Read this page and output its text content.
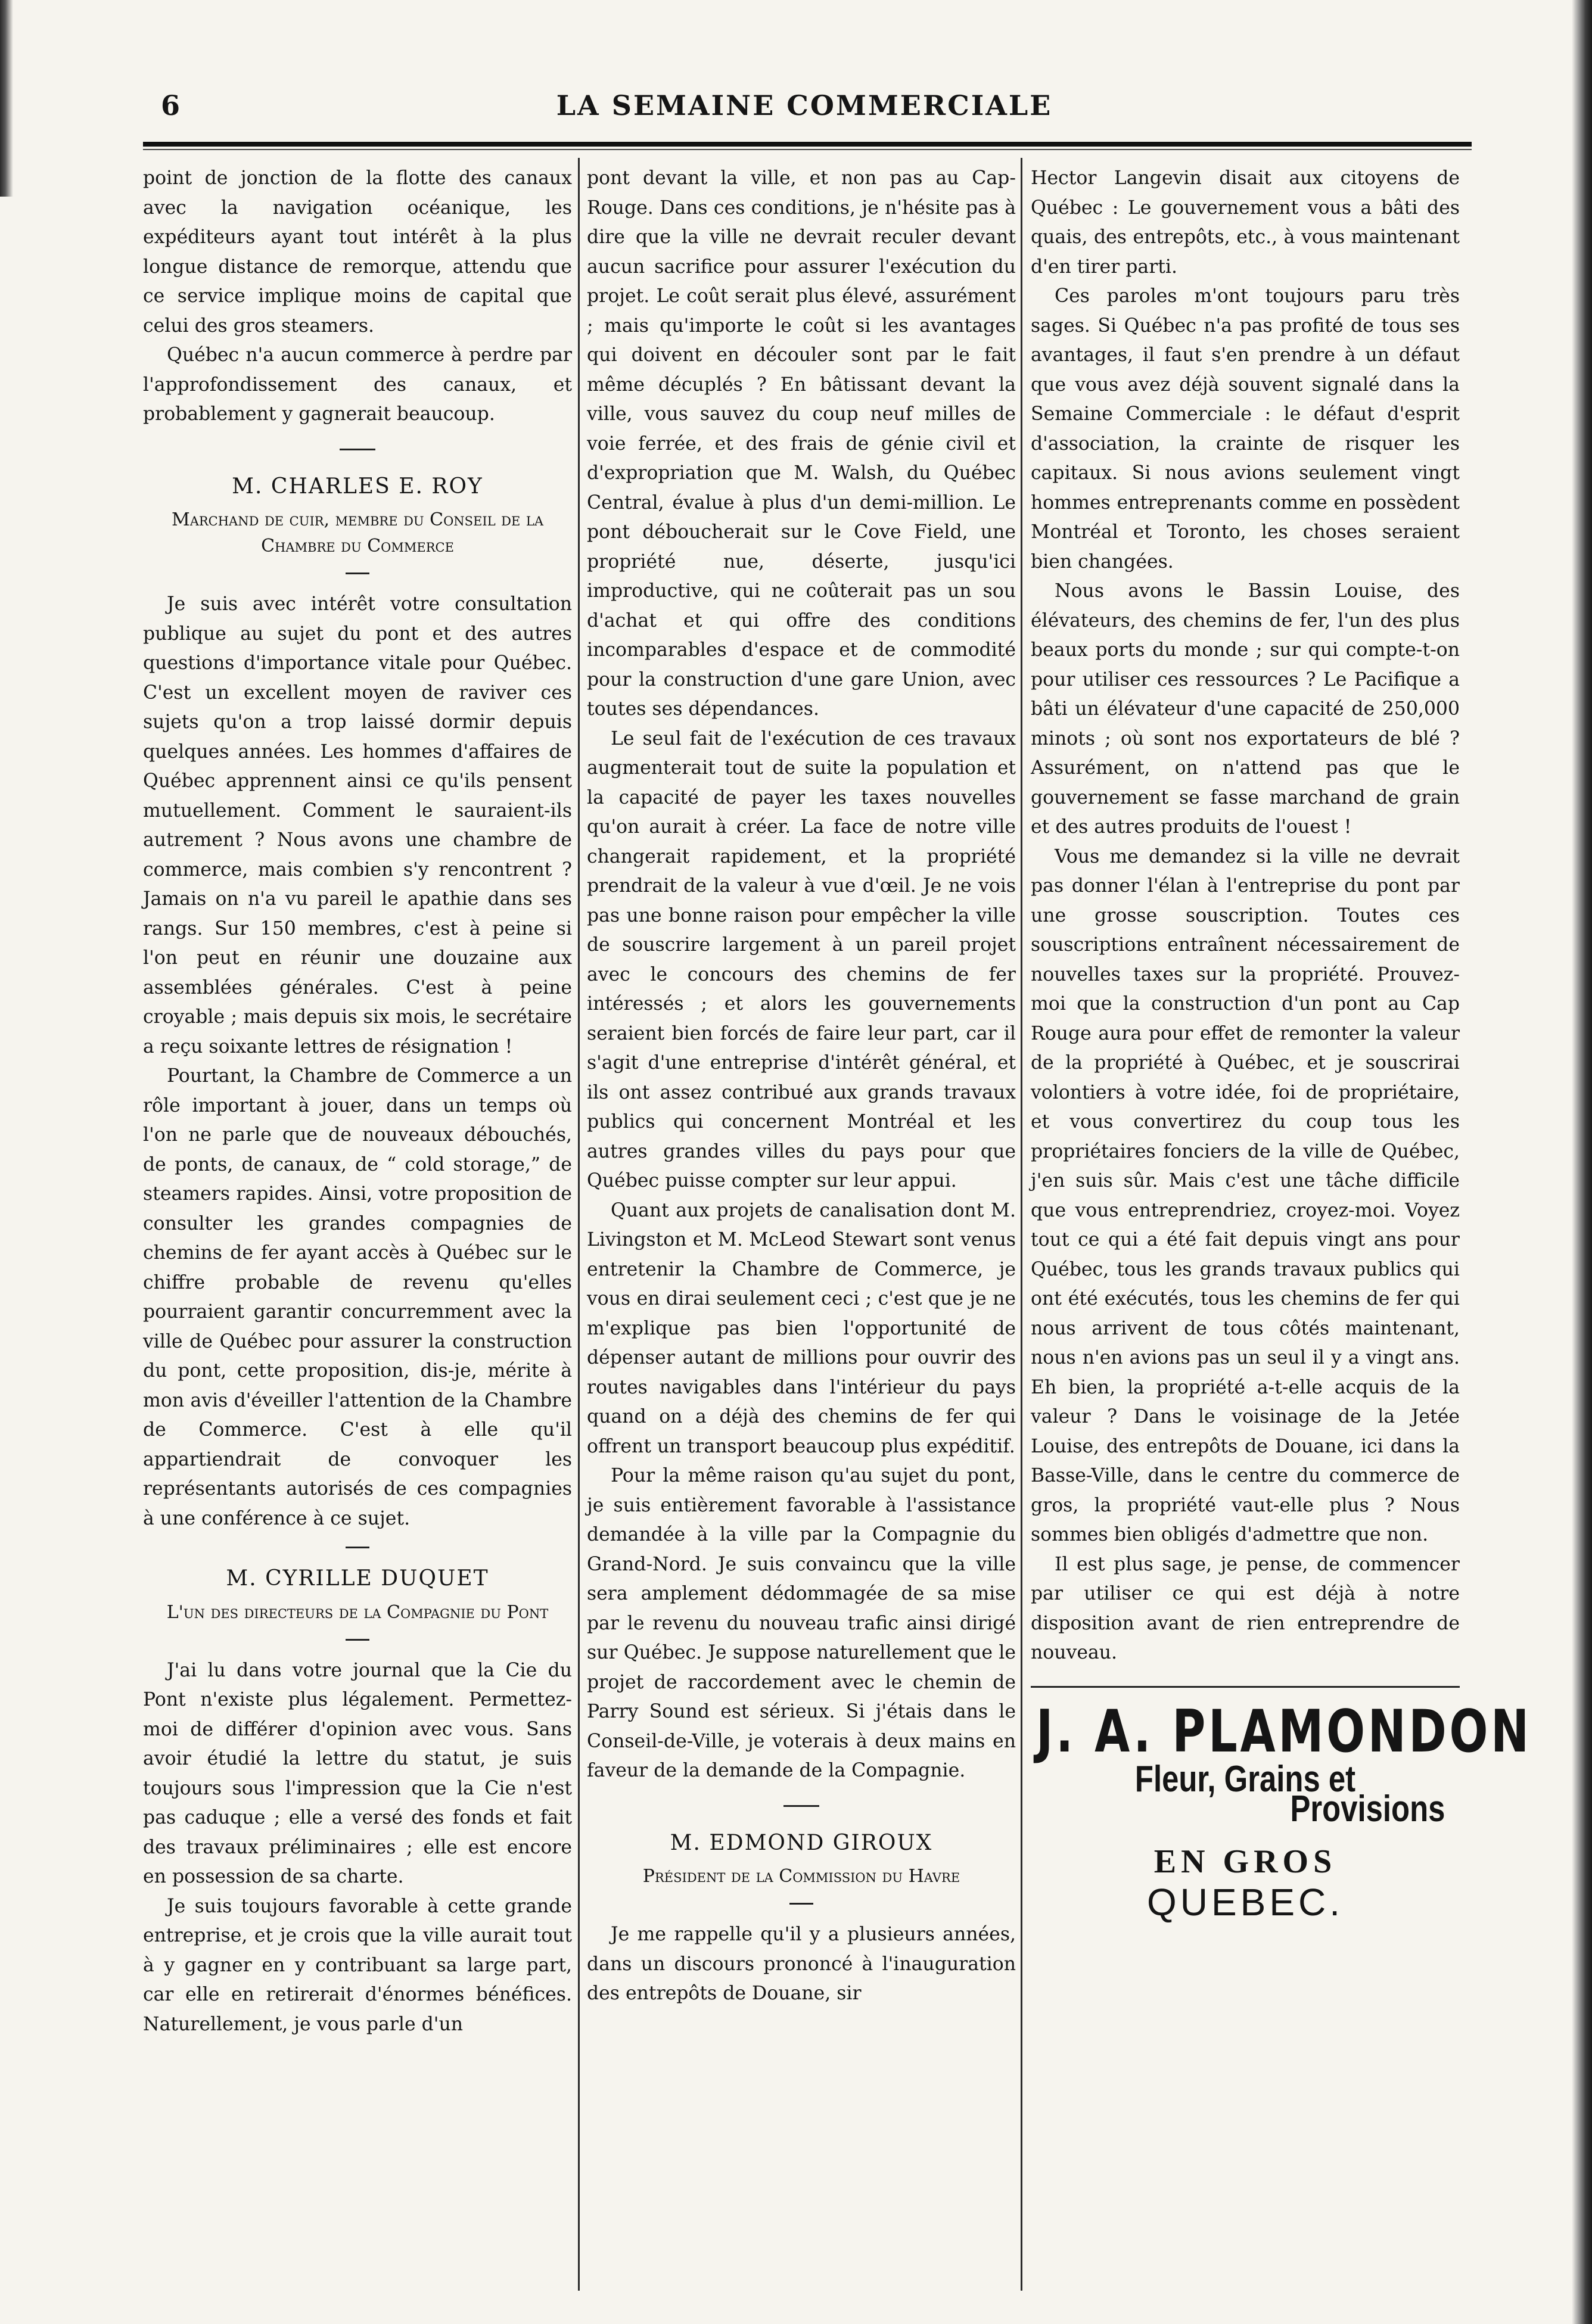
6	LA SEMAINE COMMERCIALE

point de jonction de la flotte des canaux avec la navigation océanique, les expéditeurs ayant tout intérêt à la plus longue distance de remorque, attendu que ce service implique moins de capital que celui des gros steamers.

Québec n'a aucun commerce à perdre par l'approfondissement des canaux, et probablement y gagnerait beaucoup.

M. CHARLES E. ROY
Marchand de cuir, membre du Conseil de la Chambre du Commerce

Je suis avec intérêt votre consultation publique au sujet du pont et des autres questions d'importance vitale pour Québec. C'est un excellent moyen de raviver ces sujets qu'on a trop laissé dormir depuis quelques années. Les hommes d'affaires de Québec apprennent ainsi ce qu'ils pensent mutuellement. Comment le sauraient-ils autrement ? Nous avons une chambre de commerce, mais combien s'y rencontrent ? Jamais on n'a vu pareil le apathie dans ses rangs. Sur 150 membres, c'est à peine si l'on peut en réunir une douzaine aux assemblées générales. C'est à peine croyable ; mais depuis six mois, le secrétaire a reçu soixante lettres de résignation !

Pourtant, la Chambre de Commerce a un rôle important à jouer, dans un temps où l'on ne parle que de nouveaux débouchés, de ponts, de canaux, de “ cold storage,” de steamers rapides. Ainsi, votre proposition de consulter les grandes compagnies de chemins de fer ayant accès à Québec sur le chiffre probable de revenu qu'elles pourraient garantir concurremment avec la ville de Québec pour assurer la construction du pont, cette proposition, dis-je, mérite à mon avis d'éveiller l'attention de la Chambre de Commerce. C'est à elle qu'il appartiendrait de convoquer les représentants autorisés de ces compagnies à une conférence à ce sujet.

M. CYRILLE DUQUET
L'un des directeurs de la Compagnie du Pont

J'ai lu dans votre journal que la Cie du Pont n'existe plus légalement. Permettez-moi de différer d'opinion avec vous. Sans avoir étudié la lettre du statut, je suis toujours sous l'impression que la Cie n'est pas caduque ; elle a versé des fonds et fait des travaux préliminaires ; elle est encore en possession de sa charte.

Je suis toujours favorable à cette grande entreprise, et je crois que la ville aurait tout à y gagner en y contribuant sa large part, car elle en retirerait d'énormes bénéfices. Naturellement, je vous parle d'un

pont devant la ville, et non pas au Cap-Rouge. Dans ces conditions, je n'hésite pas à dire que la ville ne devrait reculer devant aucun sacrifice pour assurer l'exécution du projet. Le coût serait plus élevé, assurément ; mais qu'importe le coût si les avantages qui doivent en découler sont par le fait même décuplés ? En bâtissant devant la ville, vous sauvez du coup neuf milles de voie ferrée, et des frais de génie civil et d'expropriation que M. Walsh, du Québec Central, évalue à plus d'un demi-million. Le pont déboucherait sur le Cove Field, une propriété nue, déserte, jusqu'ici improductive, qui ne coûterait pas un sou d'achat et qui offre des conditions incomparables d'espace et de commodité pour la construction d'une gare Union, avec toutes ses dépendances.

Le seul fait de l'exécution de ces travaux augmenterait tout de suite la population et la capacité de payer les taxes nouvelles qu'on aurait à créer. La face de notre ville changerait rapidement, et la propriété prendrait de la valeur à vue d'œil. Je ne vois pas une bonne raison pour empêcher la ville de souscrire largement à un pareil projet avec le concours des chemins de fer intéressés ; et alors les gouvernements seraient bien forcés de faire leur part, car il s'agit d'une entreprise d'intérêt général, et ils ont assez contribué aux grands travaux publics qui concernent Montréal et les autres grandes villes du pays pour que Québec puisse compter sur leur appui.

Quant aux projets de canalisation dont M. Livingston et M. McLeod Stewart sont venus entretenir la Chambre de Commerce, je vous en dirai seulement ceci ; c'est que je ne m'explique pas bien l'opportunité de dépenser autant de millions pour ouvrir des routes navigables dans l'intérieur du pays quand on a déjà des chemins de fer qui offrent un transport beaucoup plus expéditif.

Pour la même raison qu'au sujet du pont, je suis entièrement favorable à l'assistance demandée à la ville par la Compagnie du Grand-Nord. Je suis convaincu que la ville sera amplement dédommagée de sa mise par le revenu du nouveau trafic ainsi dirigé sur Québec. Je suppose naturellement que le projet de raccordement avec le chemin de Parry Sound est sérieux. Si j'étais dans le Conseil-de-Ville, je voterais à deux mains en faveur de la demande de la Compagnie.

M. EDMOND GIROUX
Président de la Commission du Havre

Je me rappelle qu'il y a plusieurs années, dans un discours prononcé à l'inauguration des entrepôts de Douane, sir

Hector Langevin disait aux citoyens de Québec : Le gouvernement vous a bâti des quais, des entrepôts, etc., à vous maintenant d'en tirer parti.

Ces paroles m'ont toujours paru très sages. Si Québec n'a pas profité de tous ses avantages, il faut s'en prendre à un défaut que vous avez déjà souvent signalé dans la Semaine Commerciale : le défaut d'esprit d'association, la crainte de risquer les capitaux. Si nous avions seulement vingt hommes entreprenants comme en possèdent Montréal et Toronto, les choses seraient bien changées.

Nous avons le Bassin Louise, des élévateurs, des chemins de fer, l'un des plus beaux ports du monde ; sur qui compte-t-on pour utiliser ces ressources ? Le Pacifique a bâti un élévateur d'une capacité de 250,000 minots ; où sont nos exportateurs de blé ? Assurément, on n'attend pas que le gouvernement se fasse marchand de grain et des autres produits de l'ouest !

Vous me demandez si la ville ne devrait pas donner l'élan à l'entreprise du pont par une grosse souscription. Toutes ces souscriptions entraînent nécessairement de nouvelles taxes sur la propriété. Prouvez-moi que la construction d'un pont au Cap Rouge aura pour effet de remonter la valeur de la propriété à Québec, et je souscrirai volontiers à votre idée, foi de propriétaire, et vous convertirez du coup tous les propriétaires fonciers de la ville de Québec, j'en suis sûr. Mais c'est une tâche difficile que vous entreprendriez, croyez-moi. Voyez tout ce qui a été fait depuis vingt ans pour Québec, tous les grands travaux publics qui ont été exécutés, tous les chemins de fer qui nous arrivent de tous côtés maintenant, nous n'en avions pas un seul il y a vingt ans. Eh bien, la propriété a-t-elle acquis de la valeur ? Dans le voisinage de la Jetée Louise, des entrepôts de Douane, ici dans la Basse-Ville, dans le centre du commerce de gros, la propriété vaut-elle plus ? Nous sommes bien obligés d'admettre que non.

Il est plus sage, je pense, de commencer par utiliser ce qui est déjà à notre disposition avant de rien entreprendre de nouveau.

J. A. PLAMONDON
Fleur, Grains et
Provisions
EN GROS
QUEBEC.
